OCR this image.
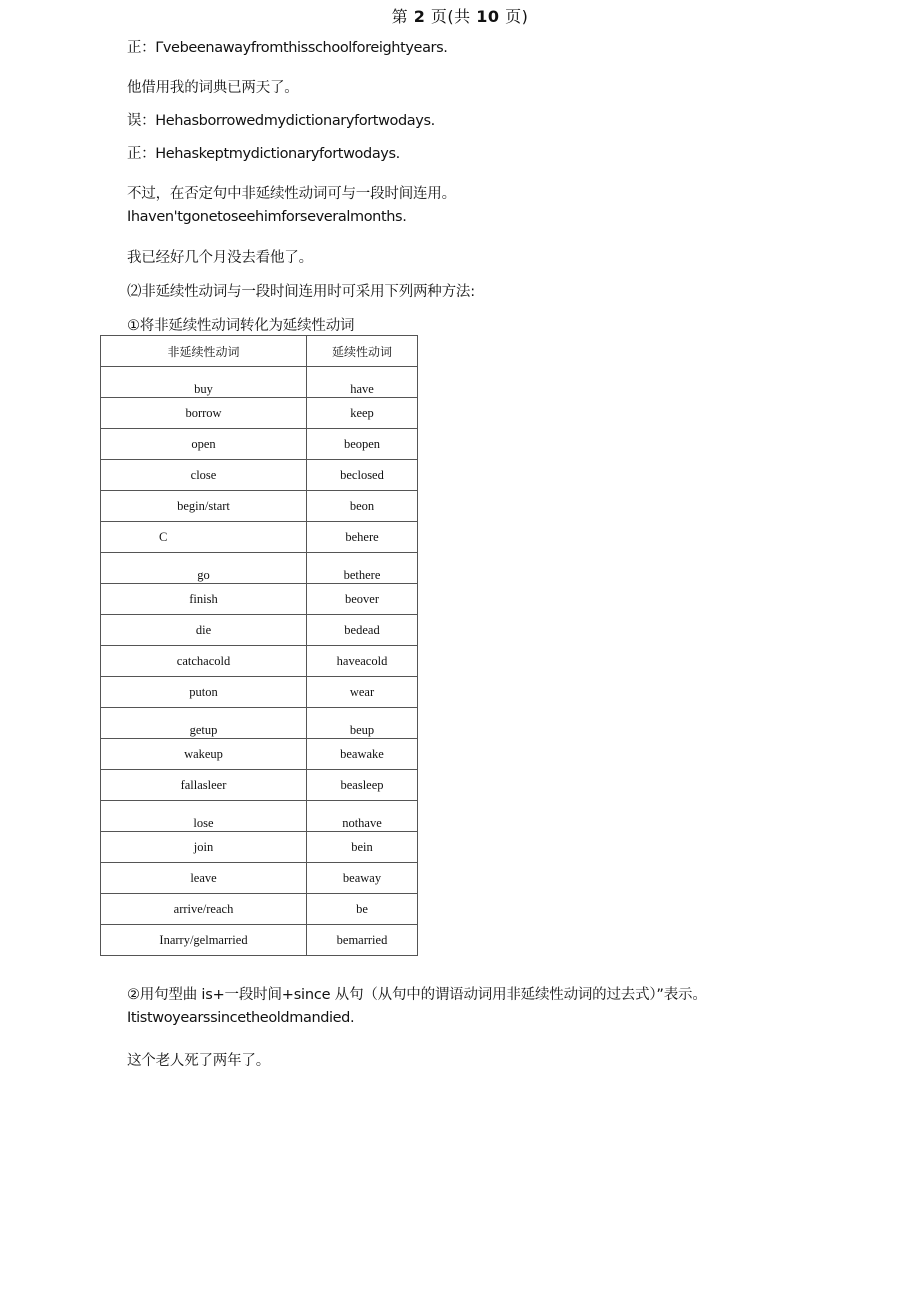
第 2 页(共 10 页)
正：Γvebeenawayfromthisschoolforeightyears.
他借用我的词典已两天了。
误：Hehasborrowedmydictionaryfortwodays.
正：Hehaskeptmydictionaryfortwodays.
不过，在否定句中非延续性动词可与一段时间连用。
Ihaven'tgonetoseehimforseveralmonths.
我已经好几个月没去看他了。
⑵非延续性动词与一段时间连用时可采用下列两种方法:
①将非延续性动词转化为延续性动词
非延续性动词	延续性动词
buy	have
borrow	keep
open	beopen
close	beclosed
begin/start	beon
C	behere
go	bethere
finish	beover
die	bedead
catchacold	haveacold
puton	wear
getup	beup
wakeup	beawake
fallasleer	beasleep
lose	nothave
join	bein
leave	beaway
arrive/reach	be
Inarry/gelmarried	bemarried
②用句型曲 is+一段时间+since 从句（从句中的谓语动词用非延续性动词的过去式）”表示。
Itistwoyearssincetheoldmandied.
这个老人死了两年了。
